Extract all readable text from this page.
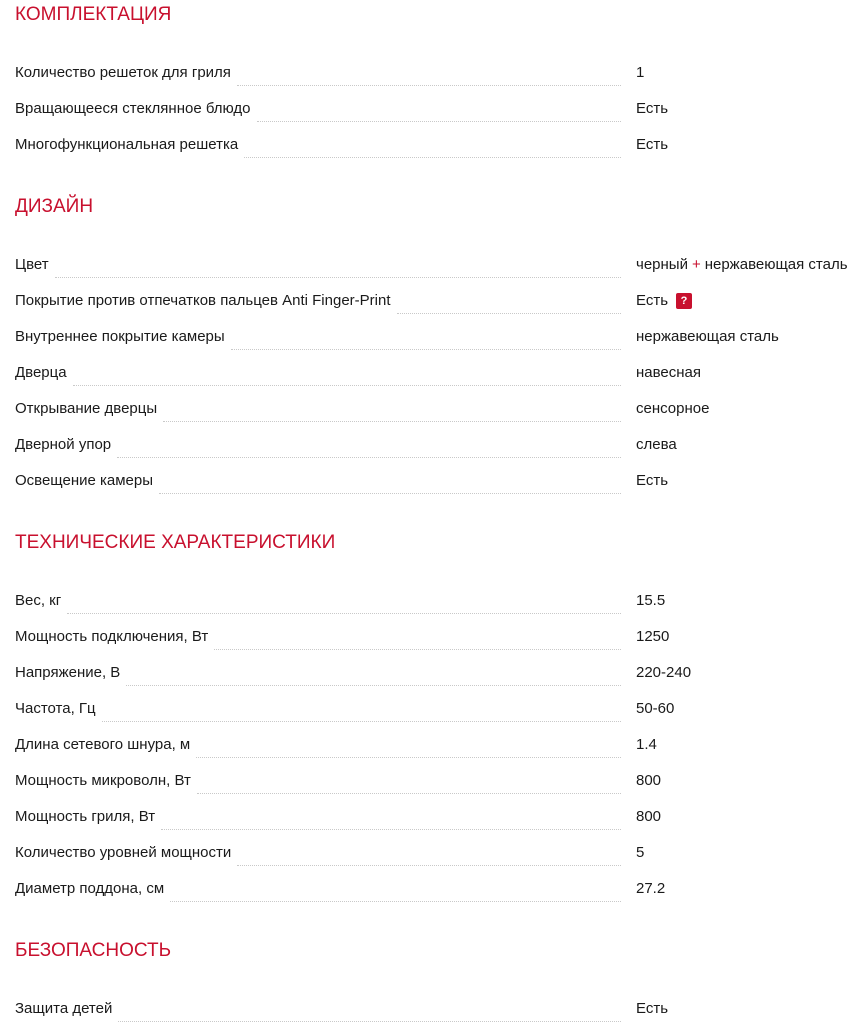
КОМПЛЕКТАЦИЯ
Количество решеток для гриля	1
Вращающееся стеклянное блюдо	Есть
Многофункциональная решетка	Есть
ДИЗАЙН
Цвет	черный + нержавеющая сталь
Покрытие против отпечатков пальцев Anti Finger-Print	Есть	?
Внутреннее покрытие камеры	нержавеющая сталь
Дверца	навесная
Открывание дверцы	сенсорное
Дверной упор	слева
Освещение камеры	Есть
ТЕХНИЧЕСКИЕ ХАРАКТЕРИСТИКИ
Вес, кг	15.5
Мощность подключения, Вт	1250
Напряжение, В	220-240
Частота, Гц	50-60
Длина сетевого шнура, м	1.4
Мощность микроволн, Вт	800
Мощность гриля, Вт	800
Количество уровней мощности	5
Диаметр поддона, см	27.2
БЕЗОПАСНОСТЬ
Защита детей	Есть
